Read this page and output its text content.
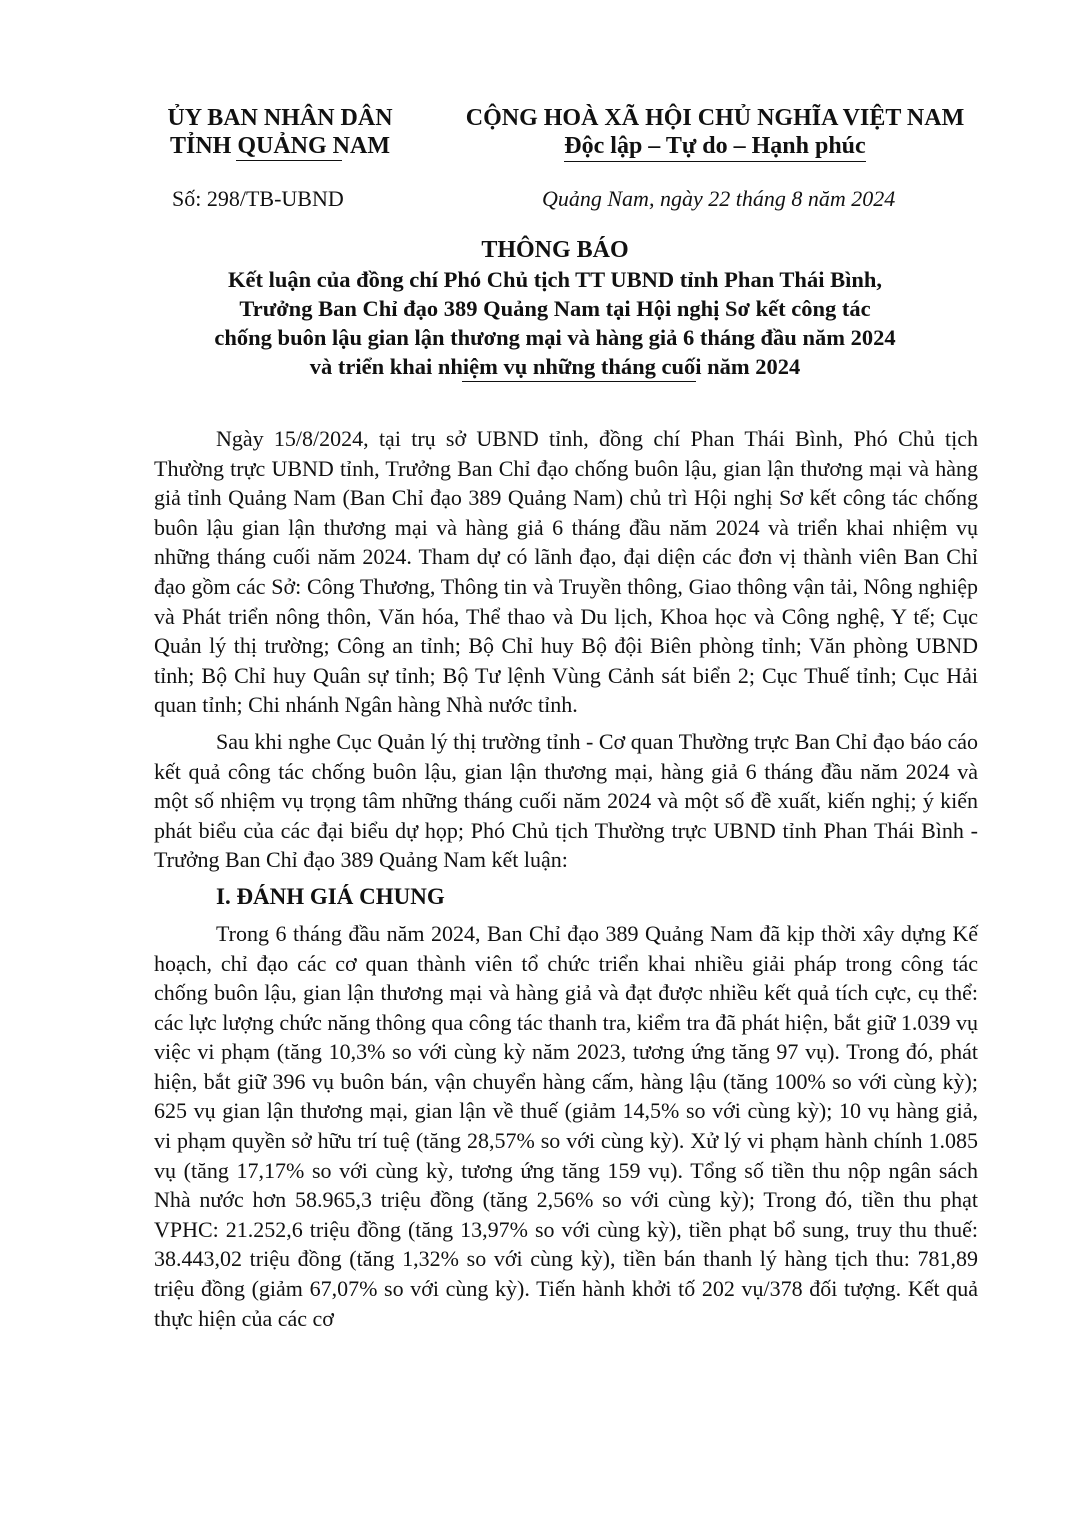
ỦY BAN NHÂN DÂN
TỈNH QUẢNG NAM
CỘNG HOÀ XÃ HỘI CHỦ NGHĨA VIỆT NAM
Độc lập – Tự do – Hạnh phúc
Số: 298/TB-UBND	Quảng Nam, ngày 22 tháng 8 năm 2024
THÔNG BÁO
Kết luận của đồng chí Phó Chủ tịch TT UBND tỉnh Phan Thái Bình,
Trưởng Ban Chỉ đạo 389 Quảng Nam tại Hội nghị Sơ kết công tác
chống buôn lậu gian lận thương mại và hàng giả 6 tháng đầu năm 2024
và triển khai nhiệm vụ những tháng cuối năm 2024

Ngày 15/8/2024, tại trụ sở UBND tỉnh, đồng chí Phan Thái Bình, Phó Chủ tịch Thường trực UBND tỉnh, Trưởng Ban Chỉ đạo chống buôn lậu, gian lận thương mại và hàng giả tỉnh Quảng Nam (Ban Chỉ đạo 389 Quảng Nam) chủ trì Hội nghị Sơ kết công tác chống buôn lậu gian lận thương mại và hàng giả 6 tháng đầu năm 2024 và triển khai nhiệm vụ những tháng cuối năm 2024. Tham dự có lãnh đạo, đại diện các đơn vị thành viên Ban Chỉ đạo gồm các Sở: Công Thương, Thông tin và Truyền thông, Giao thông vận tải, Nông nghiệp và Phát triển nông thôn, Văn hóa, Thể thao và Du lịch, Khoa học và Công nghệ, Y tế; Cục Quản lý thị trường; Công an tỉnh; Bộ Chỉ huy Bộ đội Biên phòng tỉnh; Văn phòng UBND tỉnh; Bộ Chỉ huy Quân sự tỉnh; Bộ Tư lệnh Vùng Cảnh sát biển 2; Cục Thuế tỉnh; Cục Hải quan tỉnh; Chi nhánh Ngân hàng Nhà nước tỉnh.

Sau khi nghe Cục Quản lý thị trường tỉnh - Cơ quan Thường trực Ban Chỉ đạo báo cáo kết quả công tác chống buôn lậu, gian lận thương mại, hàng giả 6 tháng đầu năm 2024 và một số nhiệm vụ trọng tâm những tháng cuối năm 2024 và một số đề xuất, kiến nghị; ý kiến phát biểu của các đại biểu dự họp; Phó Chủ tịch Thường trực UBND tỉnh Phan Thái Bình - Trưởng Ban Chỉ đạo 389 Quảng Nam kết luận:

I. ĐÁNH GIÁ CHUNG

Trong 6 tháng đầu năm 2024, Ban Chỉ đạo 389 Quảng Nam đã kịp thời xây dựng Kế hoạch, chỉ đạo các cơ quan thành viên tổ chức triển khai nhiều giải pháp trong công tác chống buôn lậu, gian lận thương mại và hàng giả và đạt được nhiều kết quả tích cực, cụ thể: các lực lượng chức năng thông qua công tác thanh tra, kiểm tra đã phát hiện, bắt giữ 1.039 vụ việc vi phạm (tăng 10,3% so với cùng kỳ năm 2023, tương ứng tăng 97 vụ). Trong đó, phát hiện, bắt giữ 396 vụ buôn bán, vận chuyển hàng cấm, hàng lậu (tăng 100% so với cùng kỳ); 625 vụ gian lận thương mại, gian lận về thuế (giảm 14,5% so với cùng kỳ); 10 vụ hàng giả, vi phạm quyền sở hữu trí tuệ (tăng 28,57% so với cùng kỳ). Xử lý vi phạm hành chính 1.085 vụ (tăng 17,17% so với cùng kỳ, tương ứng tăng 159 vụ). Tổng số tiền thu nộp ngân sách Nhà nước hơn 58.965,3 triệu đồng (tăng 2,56% so với cùng kỳ); Trong đó, tiền thu phạt VPHC: 21.252,6 triệu đồng (tăng 13,97% so với cùng kỳ), tiền phạt bổ sung, truy thu thuế: 38.443,02 triệu đồng (tăng 1,32% so với cùng kỳ), tiền bán thanh lý hàng tịch thu: 781,89 triệu đồng (giảm 67,07% so với cùng kỳ). Tiến hành khởi tố 202 vụ/378 đối tượng. Kết quả thực hiện của các cơ
